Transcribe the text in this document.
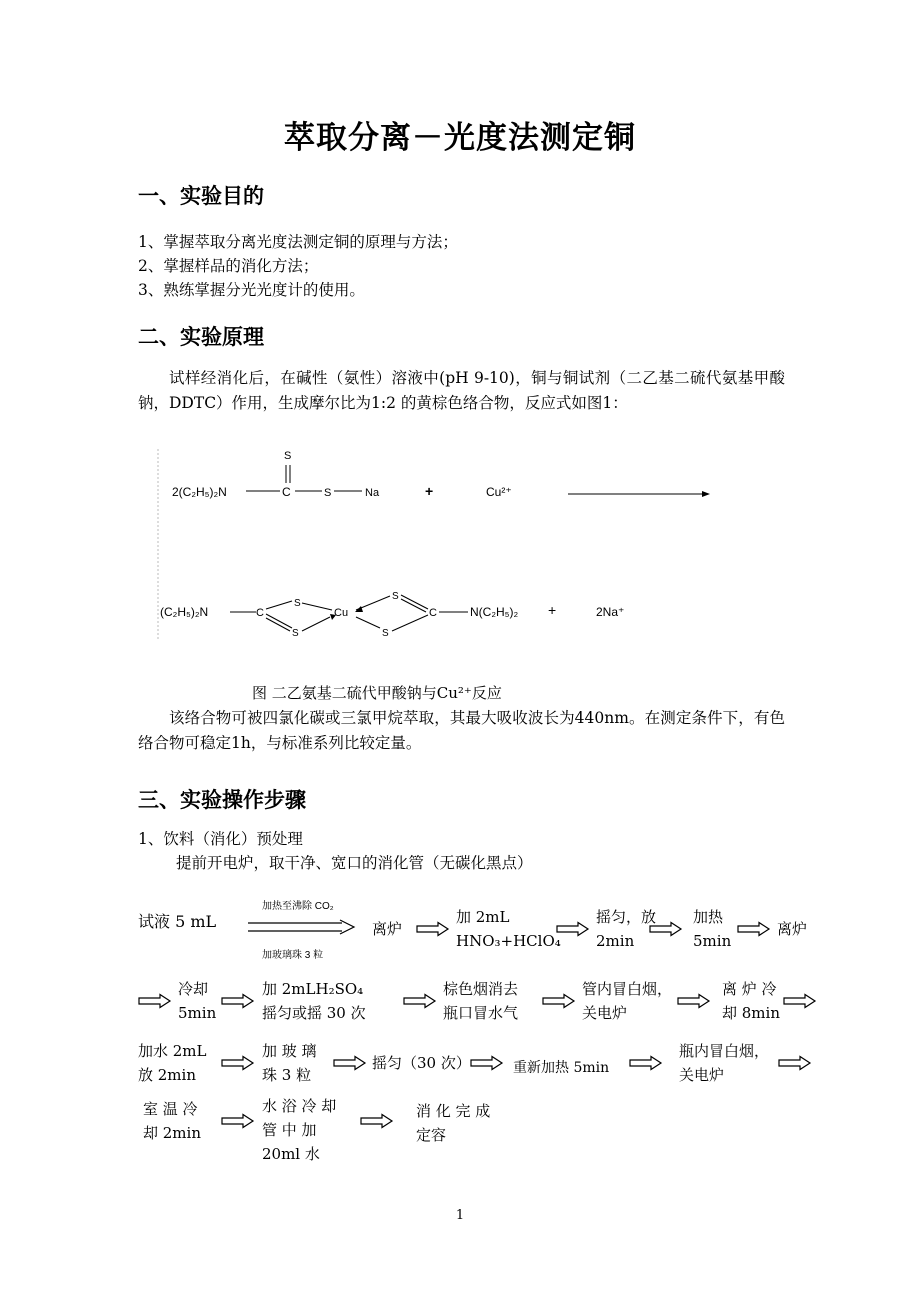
萃取分离－光度法测定铜
一、实验目的
1、掌握萃取分离光度法测定铜的原理与方法；
2、掌握样品的消化方法；
3、熟练掌握分光光度计的使用。
二、实验原理
试样经消化后，在碱性（氨性）溶液中(pH 9-10)，铜与铜试剂（二乙基二硫代氨基甲酸钠，DDTC）作用，生成摩尔比为1:2 的黄棕色络合物，反应式如图1：
2(C₂H₅)₂N	C
S
S	Na	+	Cu²⁺
(C₂H₅)₂N	C
S
S
Cu
S
S
C	N(C₂H₅)₂ +	2Na⁺
图 二乙氨基二硫代甲酸钠与Cu²⁺反应
该络合物可被四氯化碳或三氯甲烷萃取，其最大吸收波长为440nm。在测定条件下，有色络合物可稳定1h，与标准系列比较定量。
三、实验操作步骤
1、饮料（消化）预处理
提前开电炉，取干净、宽口的消化管（无碳化黑点）
试液 5 mL
加热至沸除 CO₂
加玻璃珠 3 粒
离炉
加 2mL
HNO₃+HClO₄
摇匀，放
2min
加热
5min
离炉
冷却
5min
加 2mLH₂SO₄
摇匀或摇 30 次
棕色烟消去
瓶口冒水气
管内冒白烟，
关电炉
离 炉 冷
却 8min
加水 2mL
放 2min
加 玻 璃
珠 3 粒
摇匀（30 次）	重新加热 5min
瓶内冒白烟，
关电炉
室 温 冷
却 2min
水 浴 冷 却
管 中 加
20ml 水
消 化 完 成
定容
1
